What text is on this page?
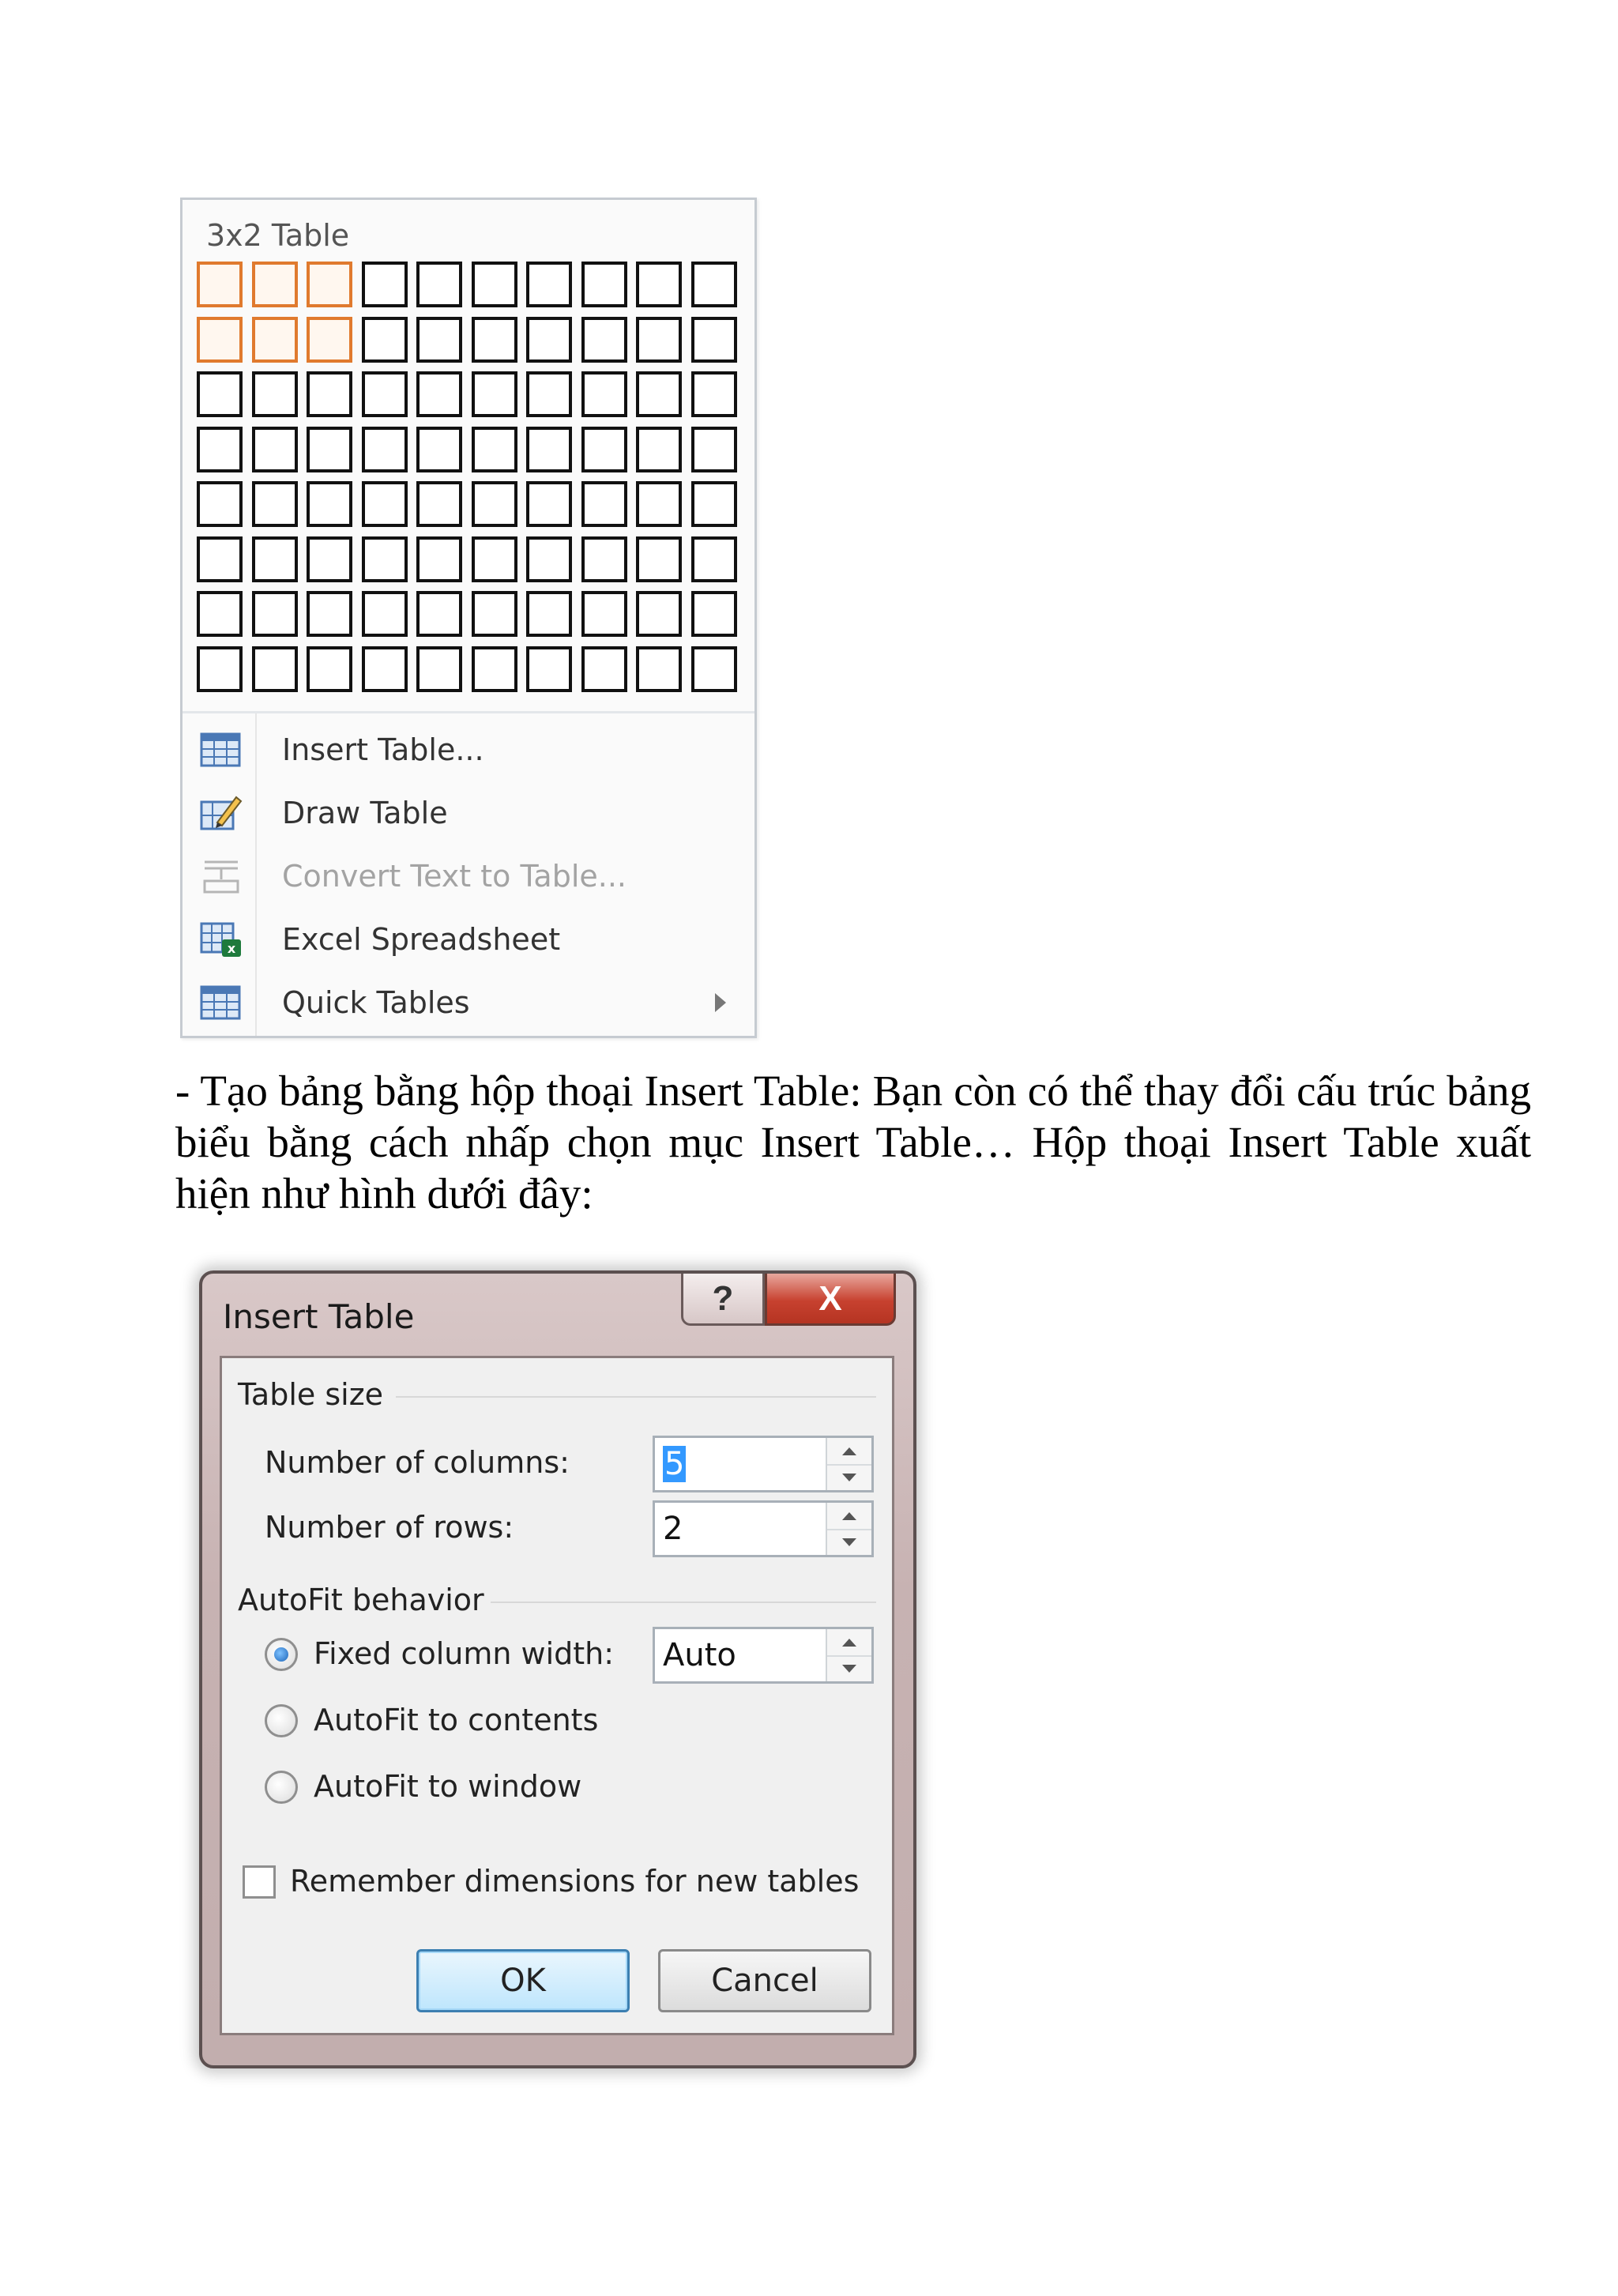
3x2 Table
Insert Table...
Draw Table
Convert Text to Table...
x Excel Spreadsheet
Quick Tables

- Tạo bảng bằng hộp thoại Insert Table: Bạn còn có thể thay đổi cấu trúc bảng biểu bằng cách nhấp chọn mục Insert Table… Hộp thoại Insert Table xuất hiện như hình dưới đây:

Insert Table	? X
Table size
Number of columns:	5
Number of rows:	2
AutoFit behavior
Fixed column width: Auto
AutoFit to contents
AutoFit to window
Remember dimensions for new tables
OK	Cancel
